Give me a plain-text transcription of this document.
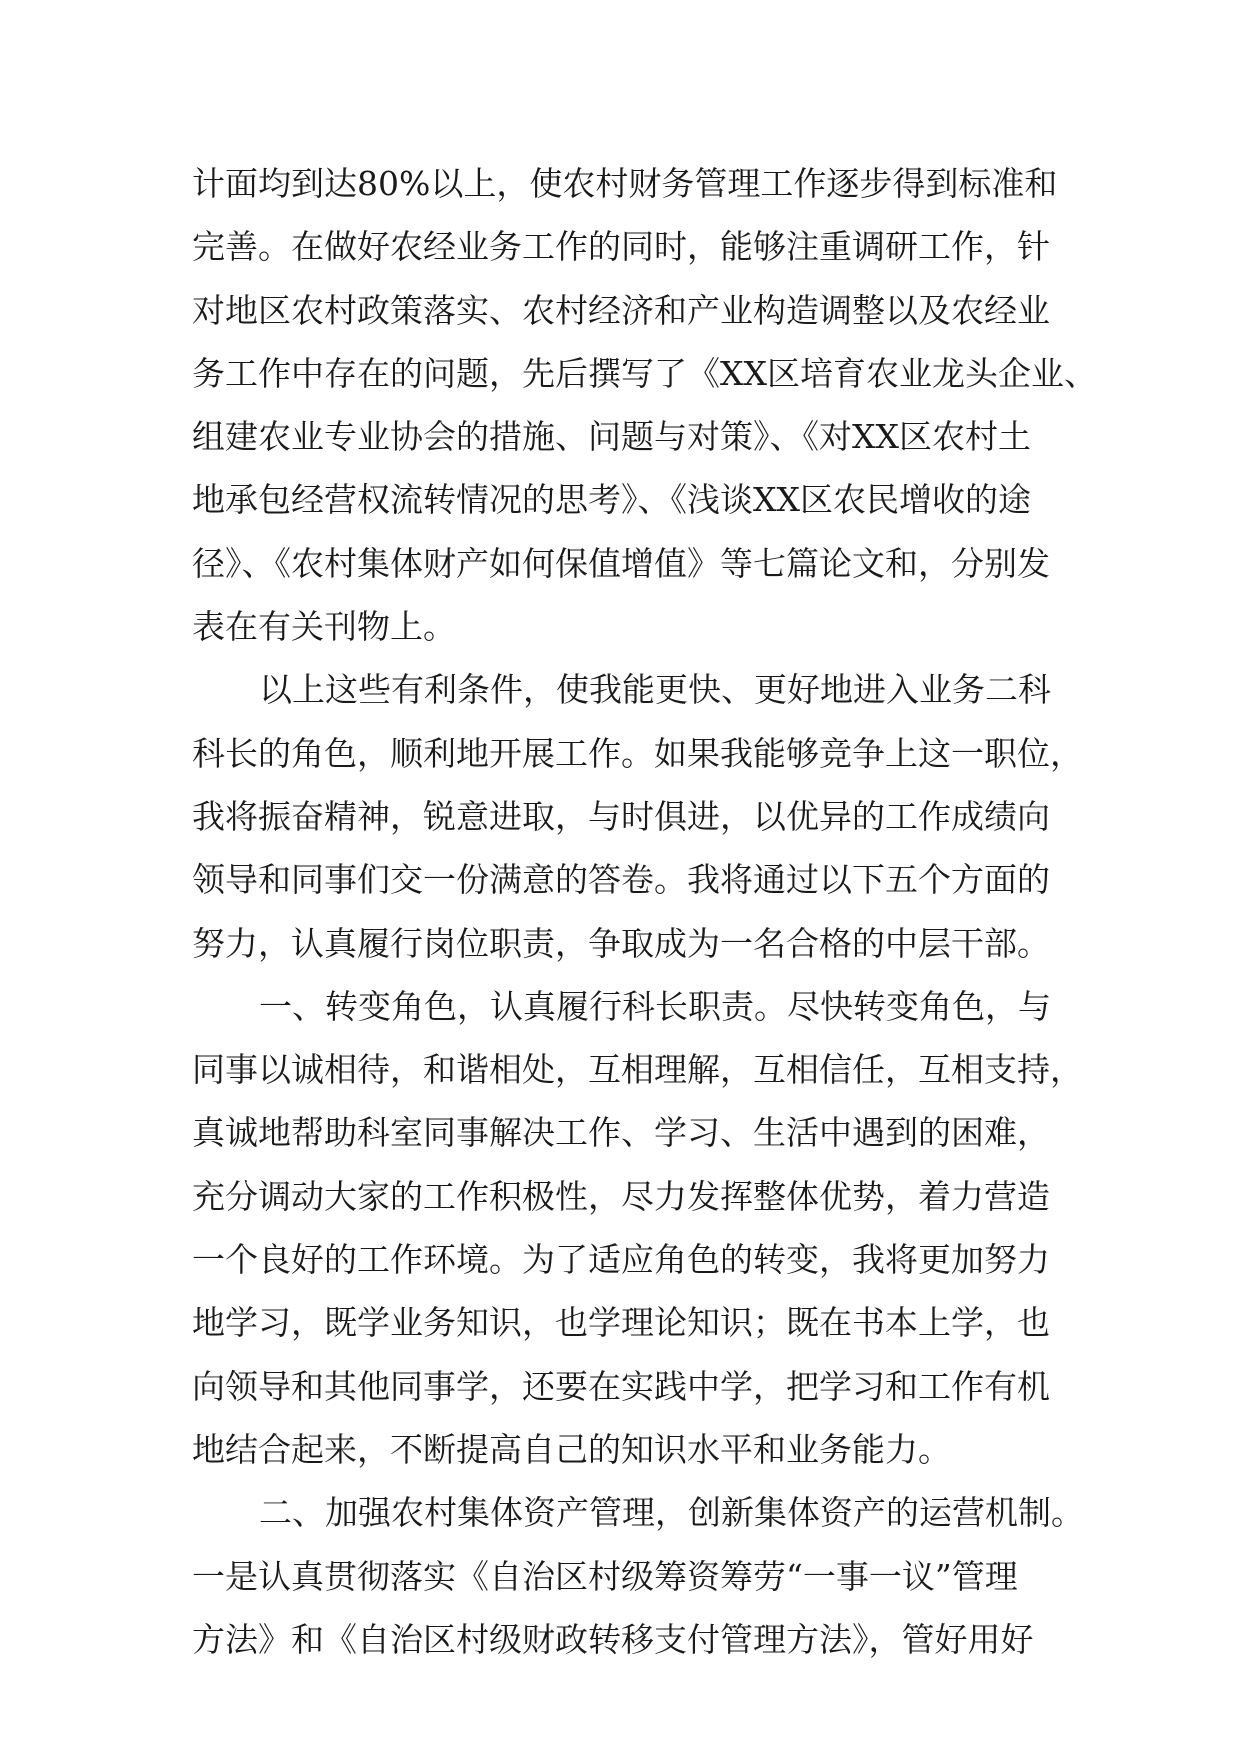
计面均到达80%以上，使农村财务管理工作逐步得到标准和
完善。在做好农经业务工作的同时，能够注重调研工作，针
对地区农村政策落实、农村经济和产业构造调整以及农经业
务工作中存在的问题，先后撰写了《XX区培育农业龙头企业、
组建农业专业协会的措施、问题与对策》、《对XX区农村土
地承包经营权流转情况的思考》、《浅谈XX区农民增收的途
径》、《农村集体财产如何保值增值》等七篇论文和，分别发
表在有关刊物上。
以上这些有利条件，使我能更快、更好地进入业务二科
科长的角色，顺利地开展工作。如果我能够竞争上这一职位，
我将振奋精神，锐意进取，与时俱进，以优异的工作成绩向
领导和同事们交一份满意的答卷。我将通过以下五个方面的
努力，认真履行岗位职责，争取成为一名合格的中层干部。
一、转变角色，认真履行科长职责。尽快转变角色，与
同事以诚相待，和谐相处，互相理解，互相信任，互相支持，
真诚地帮助科室同事解决工作、学习、生活中遇到的困难，
充分调动大家的工作积极性，尽力发挥整体优势，着力营造
一个良好的工作环境。为了适应角色的转变，我将更加努力
地学习，既学业务知识，也学理论知识；既在书本上学，也
向领导和其他同事学，还要在实践中学，把学习和工作有机
地结合起来，不断提高自己的知识水平和业务能力。
二、加强农村集体资产管理，创新集体资产的运营机制。
一是认真贯彻落实《自治区村级筹资筹劳“一事一议”管理
方法》和《自治区村级财政转移支付管理方法》，管好用好
